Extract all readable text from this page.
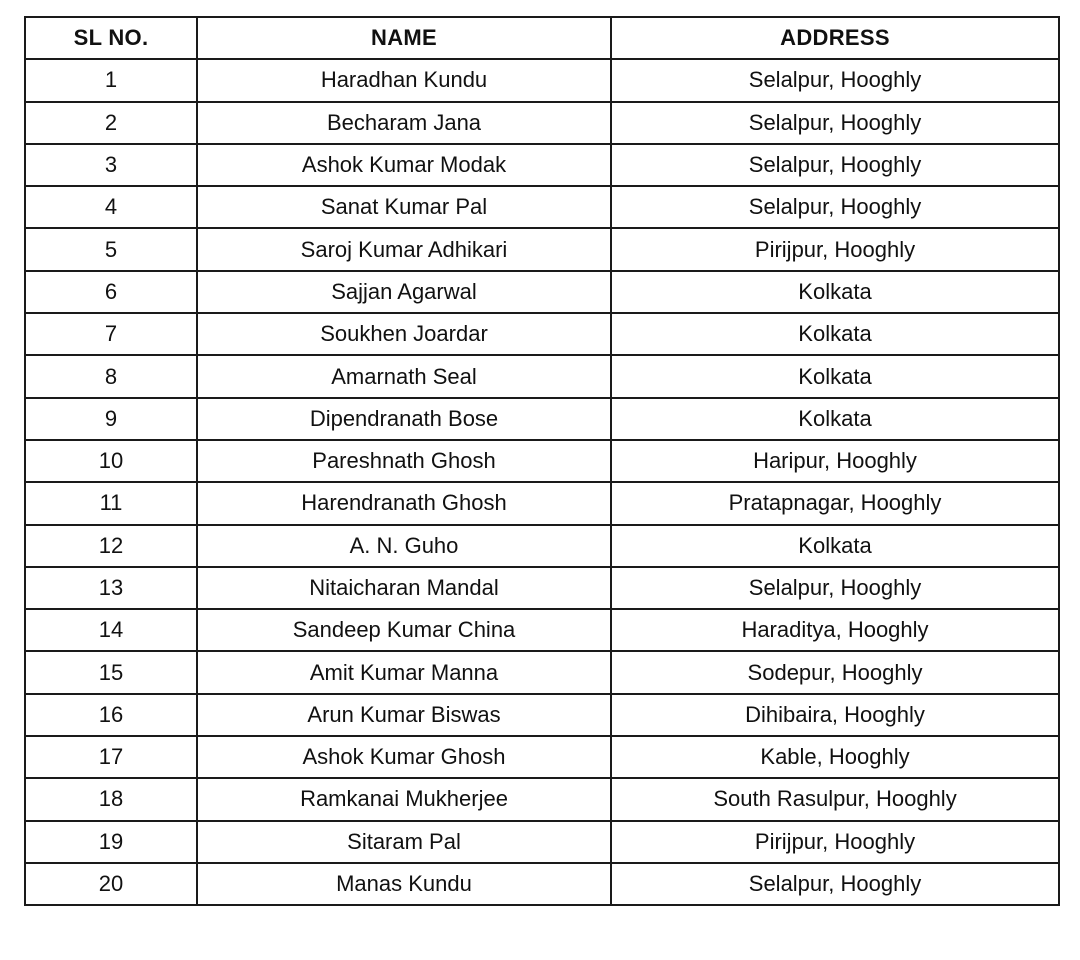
SL NO.	NAME	ADDRESS
1	Haradhan Kundu	Selalpur, Hooghly
2	Becharam Jana	Selalpur, Hooghly
3	Ashok Kumar Modak	Selalpur, Hooghly
4	Sanat Kumar Pal	Selalpur, Hooghly
5	Saroj Kumar Adhikari	Pirijpur, Hooghly
6	Sajjan Agarwal	Kolkata
7	Soukhen Joardar	Kolkata
8	Amarnath Seal	Kolkata
9	Dipendranath Bose	Kolkata
10	Pareshnath Ghosh	Haripur, Hooghly
11	Harendranath Ghosh	Pratapnagar, Hooghly
12	A. N. Guho	Kolkata
13	Nitaicharan Mandal	Selalpur, Hooghly
14	Sandeep Kumar China	Haraditya, Hooghly
15	Amit Kumar Manna	Sodepur, Hooghly
16	Arun Kumar Biswas	Dihibaira, Hooghly
17	Ashok Kumar Ghosh	Kable, Hooghly
18	Ramkanai Mukherjee	South Rasulpur, Hooghly
19	Sitaram Pal	Pirijpur, Hooghly
20	Manas Kundu	Selalpur, Hooghly
